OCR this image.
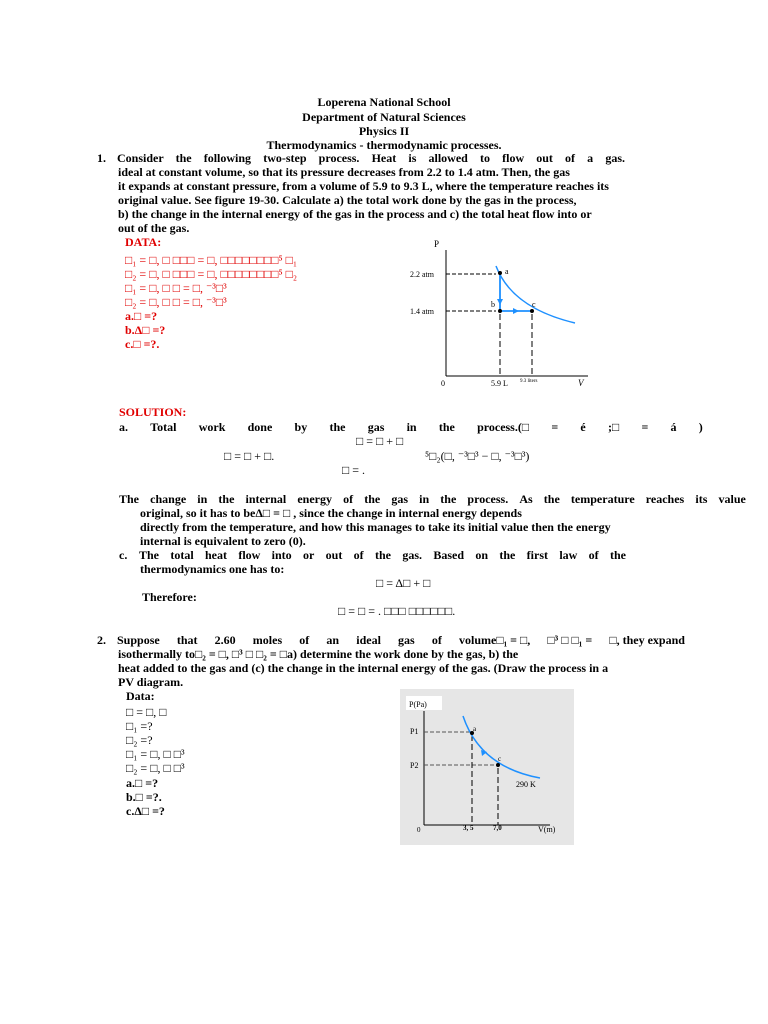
Loperena National School
Department of Natural Sciences
Physics II
Thermodynamics - thermodynamic processes.
1. Consider the following two-step process. Heat is allowed to flow out of a gas.
ideal at constant volume, so that its pressure decreases from 2.2 to 1.4 atm. Then, the gas
it expands at constant pressure, from a volume of 5.9 to 9.3 L, where the temperature reaches its
original value. See figure 19-30. Calculate a) the total work done by the gas in the process,
b) the change in the internal energy of the gas in the process and c) the total heat flow into or
out of the gas.
DATA:
□₁ = □, □ □□□ = □, □□□□□□□□⁵ □₁
□₂ = □, □ □□□ = □, □□□□□□□□⁵ □₂
□₁ = □, □ □ = □, ⁻³□³
□₂ = □, □ □ = □, ⁻³□³
a.□ =?
b.Δ□ =?
c.□ =?.
P
2.2 atm
1.4 atm
a
b	c
0	5.9 L 9.3 liters	V
SOLUTION:
a. Total work done by the gas in the process.(□ = é ;□ = á )
□ = □ + □
□ = □ + □.	⁵□₂(□, ⁻³□³ − □, ⁻³□³)
□ = .
The change in the internal energy of the gas in the process. As the temperature reaches its value
original, so it has to beΔ□ = □ , since the change in internal energy depends
directly from the temperature, and how this manages to take its initial value then the energy
internal is equivalent to zero (0).
c. The total heat flow into or out of the gas. Based on the first law of the
thermodynamics one has to:
□ = Δ□ + □
Therefore:
□ = □ = . □□□ □□□□□□.
2. Suppose that 2.60 moles of an ideal gas of volume□₁ = □, □³ □ □₁ = □, they expand
isothermally to□₂ = □, □³ □ □₂ = □a) determine the work done by the gas, b) the
heat added to the gas and (c) the change in the internal energy of the gas. (Draw the process in a
PV diagram.
Data:
□ = □, □
□₁ =?
□₂ =?
□₁ = □, □ □³
□₂ = □, □ □³
a.□ =?
b.□ =?.
c.Δ□ =?
P(Pa)
P1
P2
a
c
290 K
0	3, 5	7,0	V(m)
